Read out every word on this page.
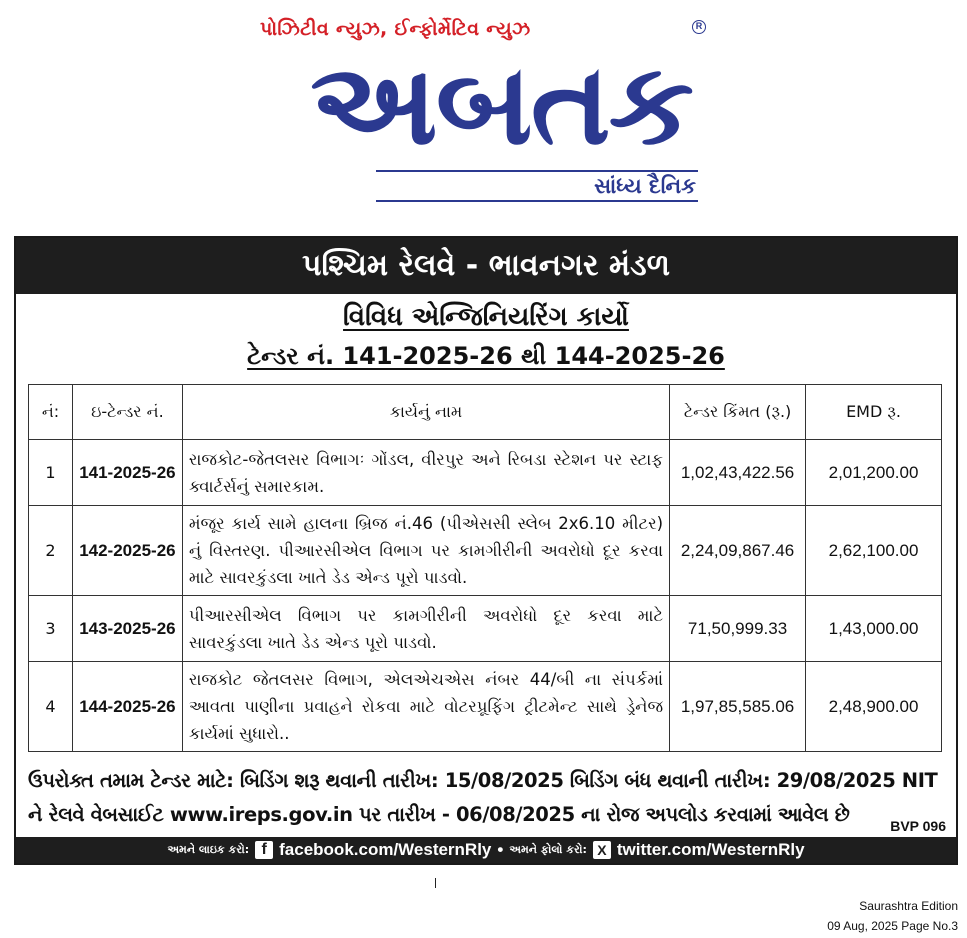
પોઝિટીવ ન્યુઝ, ઈન્ફોર્મેટિવ ન્યુઝ	R
અબતક
સાંધ્ય દૈનિક
પશ્ચિમ રેલવે - ભાવનગર મંડળ
વિવિધ એન્જિનિયરિંગ કાર્યો
ટેન્ડર નં. 141-2025-26 થી 144-2025-26
નં:	ઇ-ટેન્ડર નં.	કાર્યનું નામ	ટેન્ડર કિંમત (રૂ.)	EMD રૂ.
1	141-2025-26	રાજકોટ-જેતલસર વિભાગઃ ગોંડલ, વીરપુર અને રિબડા સ્ટેશન પર સ્ટાફ ક્વાર્ટર્સનું સમારકામ.	1,02,43,422.56	2,01,200.00
2	142-2025-26	મંજૂર કાર્ય સામે હાલના બ્રિજ નં.46 (પીએસસી સ્લેબ 2x6.10 મીટર) નું વિસ્તરણ. પીઆરસીએલ વિભાગ પર કામગીરીની અવરોધો દૂર કરવા માટે સાવરકુંડલા ખાતે ડેડ એન્ડ પૂરો પાડવો.	2,24,09,867.46	2,62,100.00
3	143-2025-26	પીઆરસીએલ વિભાગ પર કામગીરીની અવરોધો દૂર કરવા માટે સાવરકુંડલા ખાતે ડેડ એન્ડ પૂરો પાડવો.	71,50,999.33	1,43,000.00
4	144-2025-26	રાજકોટ જેતલસર વિભાગ, એલએચએસ નંબર 44/બી ના સંપર્કમાં આવતા પાણીના પ્રવાહને રોકવા માટે વોટરપ્રૂફિંગ ટ્રીટમેન્ટ સાથે ડ્રેનેજ કાર્યમાં સુધારો..	1,97,85,585.06	2,48,900.00
ઉપરોક્ત તમામ ટેન્ડર માટે: બિડિંગ શરૂ થવાની તારીખ: 15/08/2025 બિડિંગ બંધ થવાની તારીખ: 29/08/2025 NIT ને રેલવે વેબસાઈટ www.ireps.gov.in પર તારીખ - 06/08/2025 ના રોજ અપલોડ કરવામાં આવેલ છે	BVP 096
અમને લાઇક કરો: f facebook.com/WesternRly • અમને ફોલો કરો: X twitter.com/WesternRly
Saurashtra Edition
09 Aug, 2025 Page No.3
